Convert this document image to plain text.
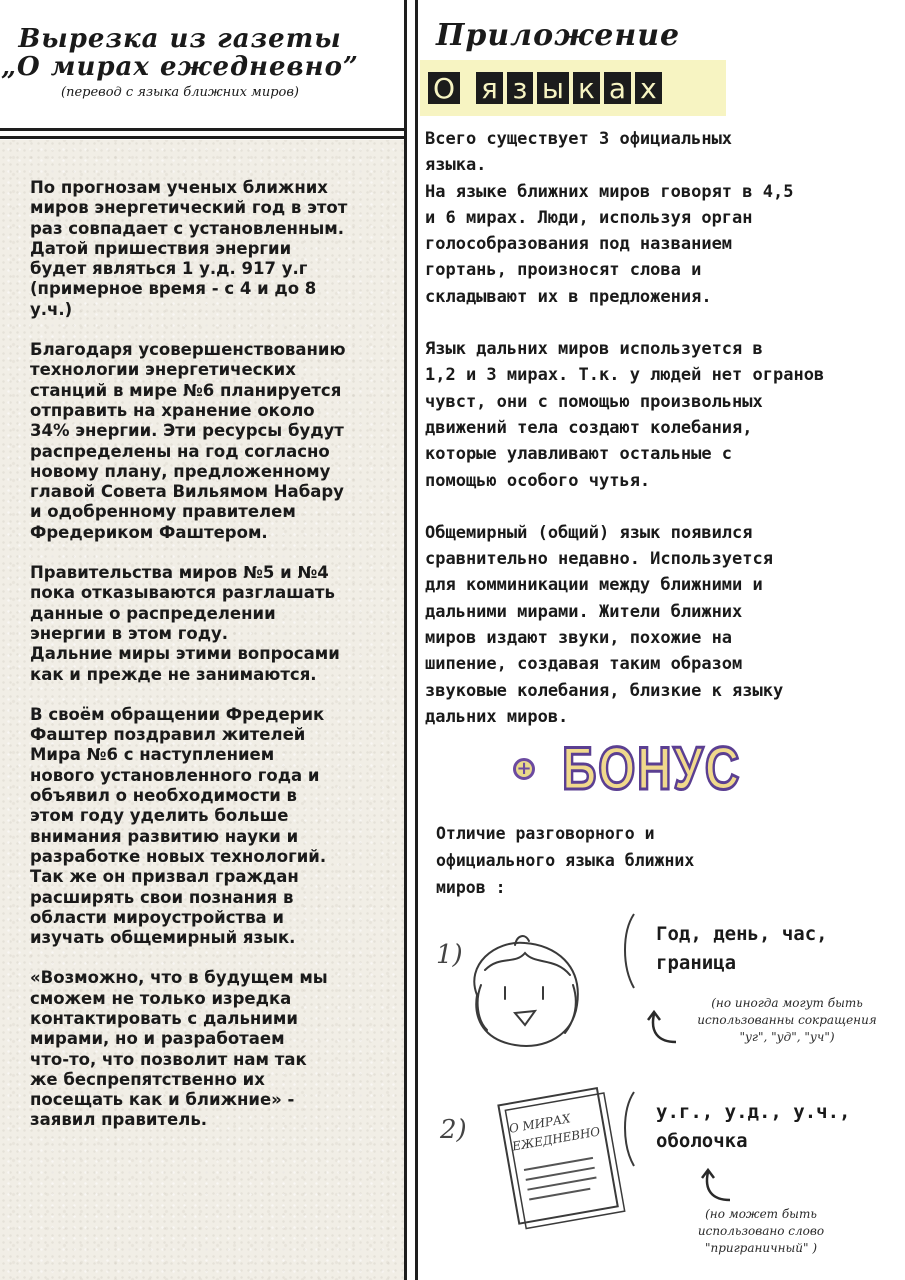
Вырезка из газеты
„О мирах ежедневно”
(перевод с языка ближних миров)

По прогнозам ученых ближних
миров энергетический год в этот
раз совпадает с установленным.
Датой пришествия энергии
будет являться 1 у.д. 917 у.г
(примерное время - с 4 и до 8
у.ч.)

Благодаря усовершенствованию
технологии энергетических
станций в мире №6 планируется
отправить на хранение около
34% энергии. Эти ресурсы будут
распределены на год согласно
новому плану, предложенному
главой Совета Вильямом Набару
и одобренному правителем
Фредериком Фаштером.

Правительства миров №5 и №4
пока отказываются разглашать
данные о распределении
энергии в этом году.
Дальние миры этими вопросами
как и прежде не занимаются.

В своём обращении Фредерик
Фаштер поздравил жителей
Мира №6 с наступлением
нового установленного года и
объявил о необходимости в
этом году уделить больше
внимания развитию науки и
разработке новых технологий.
Так же он призвал граждан
расширять свои познания в
области мироустройства и
изучать общемирный язык.

«Возможно, что в будущем мы
сможем не только изредка
контактировать с дальними
мирами, но и разработаем
что-то, что позволит нам так
же беспрепятственно их
посещать как и ближние» -
заявил правитель.

Приложение
О я з ы к а х

Всего существует 3 официальных
языка.
На языке ближних миров говорят в 4,5
и 6 мирах. Люди, используя орган
голособразования под названием
гортань, произносят слова и
складывают их в предложения.

Язык дальних миров используется в
1,2 и 3 мирах. Т.к. у людей нет огранов
чувст, они с помощью произвольных
движений тела создают колебания,
которые улавливают остальные с
помощью особого чутья.

Общемирный (общий) язык появился
сравнительно недавно. Используется
для комминикации между ближними и
дальними мирами. Жители ближних
миров издают звуки, похожие на
шипение, создавая таким образом
звуковые колебания, близкие к языку
дальних миров.

+ БОНУС
Отличие разговорного и
официального языка ближних
миров :
1)
Год, день, час,
граница
(но иногда могут быть
использованны сокращения
"уг", "уд", "уч")
2)	О МИРАХ ЕЖЕДНЕВНО
у.г., у.д., у.ч.,
оболочка
(но может быть
использовано слово
"приграничный" )
